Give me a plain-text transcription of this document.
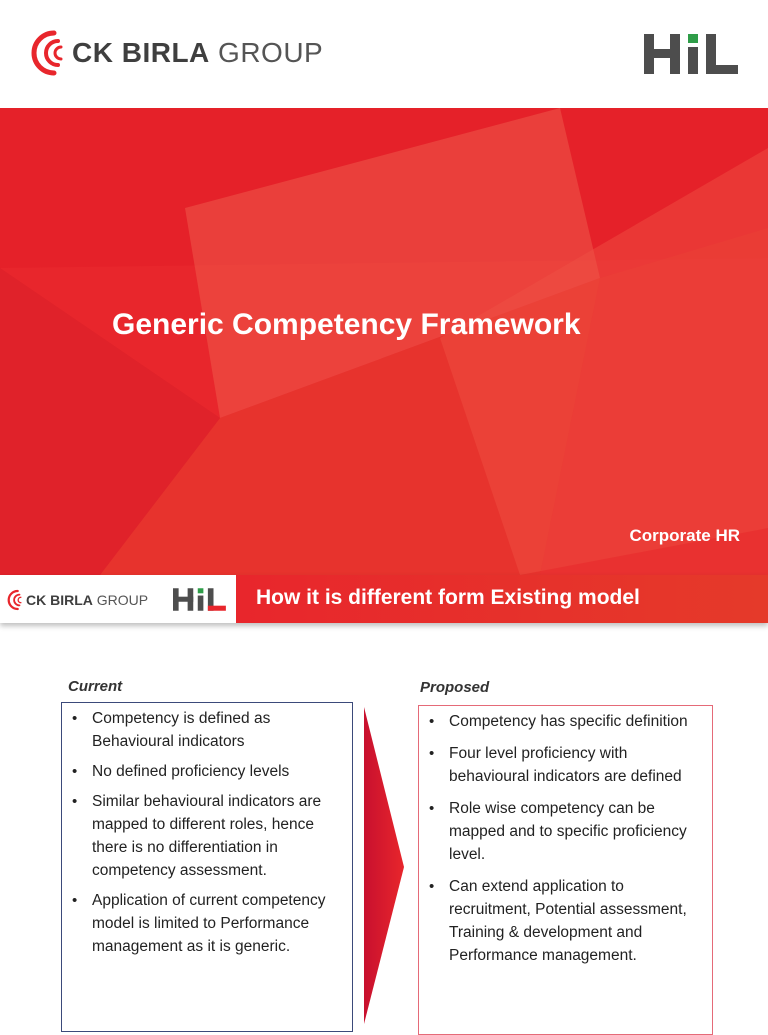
CK BIRLA GROUP
Generic Competency Framework

Corporate HR

CK BIRLA GROUP	How it is different form Existing model

Current	Proposed

• Competency is defined as Behavioural indicators
• No defined proficiency levels
• Similar behavioural indicators are mapped to different roles, hence there is no differentiation in competency assessment.
• Application of current competency model is limited to Performance management as it is generic.
• Competency has specific definition
• Four level proficiency with behavioural indicators are defined
• Role wise competency can be mapped and to specific proficiency level.
• Can extend application to recruitment, Potential assessment, Training & development and Performance management.
